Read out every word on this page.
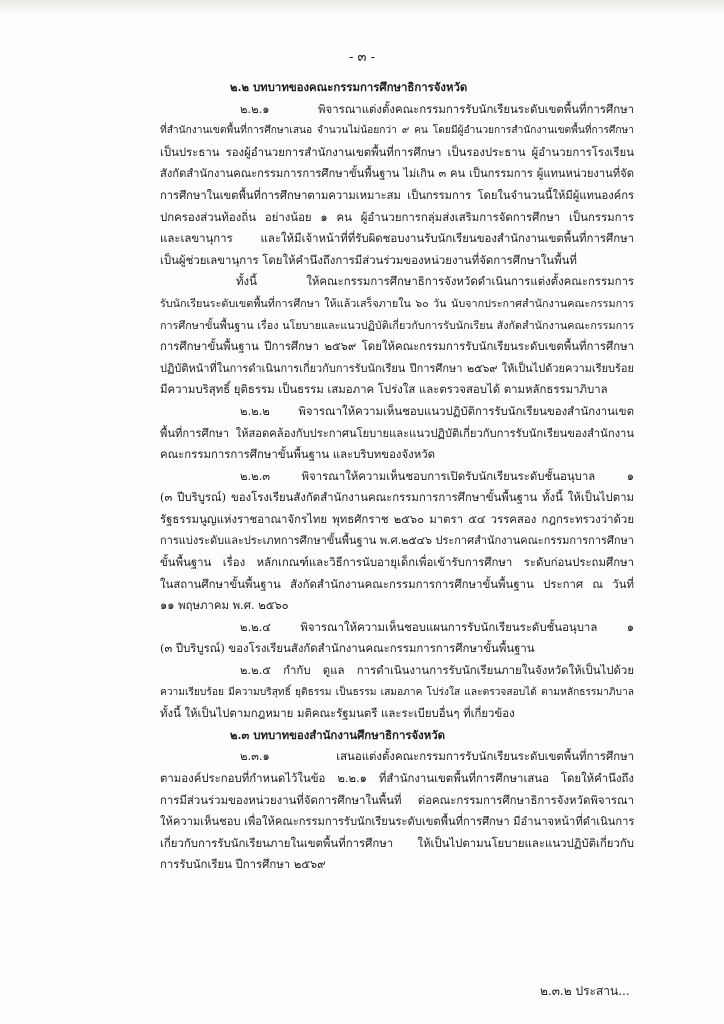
- ๓ -
๒.๒ บทบาทของคณะกรรมการศึกษาธิการจังหวัด
๒.๒.๑ พิจารณาแต่งตั้งคณะกรรมการรับนักเรียนระดับเขตพื้นที่การศึกษา
ที่สำนักงานเขตพื้นที่การศึกษาเสนอ จำนวนไม่น้อยกว่า ๙ คน โดยมีผู้อำนวยการสำนักงานเขตพื้นที่การศึกษา
เป็นประธาน รองผู้อำนวยการสำนักงานเขตพื้นที่การศึกษา เป็นรองประธาน ผู้อำนวยการโรงเรียน
สังกัดสำนักงานคณะกรรมการการศึกษาขั้นพื้นฐาน ไม่เกิน ๓ คน เป็นกรรมการ ผู้แทนหน่วยงานที่จัด
การศึกษาในเขตพื้นที่การศึกษาตามความเหมาะสม เป็นกรรมการ โดยในจำนวนนี้ให้มีผู้แทนองค์กร
ปกครองส่วนท้องถิ่น อย่างน้อย ๑ คน ผู้อำนวยการกลุ่มส่งเสริมการจัดการศึกษา เป็นกรรมการ
และเลขานุการ และให้มีเจ้าหน้าที่ที่รับผิดชอบงานรับนักเรียนของสำนักงานเขตพื้นที่การศึกษา
เป็นผู้ช่วยเลขานุการ โดยให้คำนึงถึงการมีส่วนร่วมของหน่วยงานที่จัดการศึกษาในพื้นที่
ทั้งนี้ ให้คณะกรรมการศึกษาธิการจังหวัดดำเนินการแต่งตั้งคณะกรรมการ
รับนักเรียนระดับเขตพื้นที่การศึกษา ให้แล้วเสร็จภายใน ๖๐ วัน นับจากประกาศสำนักงานคณะกรรมการ
การศึกษาขั้นพื้นฐาน เรื่อง นโยบายและแนวปฏิบัติเกี่ยวกับการรับนักเรียน สังกัดสำนักงานคณะกรรมการ
การศึกษาขั้นพื้นฐาน ปีการศึกษา ๒๕๖๙ โดยให้คณะกรรมการรับนักเรียนระดับเขตพื้นที่การศึกษา
ปฏิบัติหน้าที่ในการดำเนินการเกี่ยวกับการรับนักเรียน ปีการศึกษา ๒๕๖๙ ให้เป็นไปด้วยความเรียบร้อย
มีความบริสุทธิ์ ยุติธรรม เป็นธรรม เสมอภาค โปร่งใส และตรวจสอบได้ ตามหลักธรรมาภิบาล
๒.๒.๒ พิจารณาให้ความเห็นชอบแนวปฏิบัติการรับนักเรียนของสำนักงานเขต
พื้นที่การศึกษา ให้สอดคล้องกับประกาศนโยบายและแนวปฏิบัติเกี่ยวกับการรับนักเรียนของสำนักงาน
คณะกรรมการการศึกษาขั้นพื้นฐาน และบริบทของจังหวัด
๒.๒.๓ พิจารณาให้ความเห็นชอบการเปิดรับนักเรียนระดับชั้นอนุบาล ๑
(๓ ปีบริบูรณ์) ของโรงเรียนสังกัดสำนักงานคณะกรรมการการศึกษาขั้นพื้นฐาน ทั้งนี้ ให้เป็นไปตาม
รัฐธรรมนูญแห่งราชอาณาจักรไทย พุทธศักราช ๒๕๖๐ มาตรา ๕๔ วรรคสอง กฎกระทรวงว่าด้วย
การแบ่งระดับและประเภทการศึกษาขั้นพื้นฐาน พ.ศ.๒๕๔๖ ประกาศสำนักงานคณะกรรมการการศึกษา
ขั้นพื้นฐาน เรื่อง หลักเกณฑ์และวิธีการนับอายุเด็กเพื่อเข้ารับการศึกษา ระดับก่อนประถมศึกษา
ในสถานศึกษาขั้นพื้นฐาน สังกัดสำนักงานคณะกรรมการการศึกษาขั้นพื้นฐาน ประกาศ ณ วันที่
๑๑ พฤษภาคม พ.ศ. ๒๕๖๐
๒.๒.๔ พิจารณาให้ความเห็นชอบแผนการรับนักเรียนระดับชั้นอนุบาล ๑
(๓ ปีบริบูรณ์) ของโรงเรียนสังกัดสำนักงานคณะกรรมการการศึกษาขั้นพื้นฐาน
๒.๒.๕ กำกับ ดูแล การดำเนินงานการรับนักเรียนภายในจังหวัดให้เป็นไปด้วย
ความเรียบร้อย มีความบริสุทธิ์ ยุติธรรม เป็นธรรม เสมอภาค โปร่งใส และตรวจสอบได้ ตามหลักธรรมาภิบาล
ทั้งนี้ ให้เป็นไปตามกฎหมาย มติคณะรัฐมนตรี และระเบียบอื่นๆ ที่เกี่ยวข้อง
๒.๓ บทบาทของสำนักงานศึกษาธิการจังหวัด
๒.๓.๑ เสนอแต่งตั้งคณะกรรมการรับนักเรียนระดับเขตพื้นที่การศึกษา
ตามองค์ประกอบที่กำหนดไว้ในข้อ ๒.๒.๑ ที่สำนักงานเขตพื้นที่การศึกษาเสนอ โดยให้คำนึงถึง
การมีส่วนร่วมของหน่วยงานที่จัดการศึกษาในพื้นที่ ต่อคณะกรรมการศึกษาธิการจังหวัดพิจารณา
ให้ความเห็นชอบ เพื่อให้คณะกรรมการรับนักเรียนระดับเขตพื้นที่การศึกษา มีอำนาจหน้าที่ดำเนินการ
เกี่ยวกับการรับนักเรียนภายในเขตพื้นที่การศึกษา ให้เป็นไปตามนโยบายและแนวปฏิบัติเกี่ยวกับ
การรับนักเรียน ปีการศึกษา ๒๕๖๙
๒.๓.๒ ประสาน...
